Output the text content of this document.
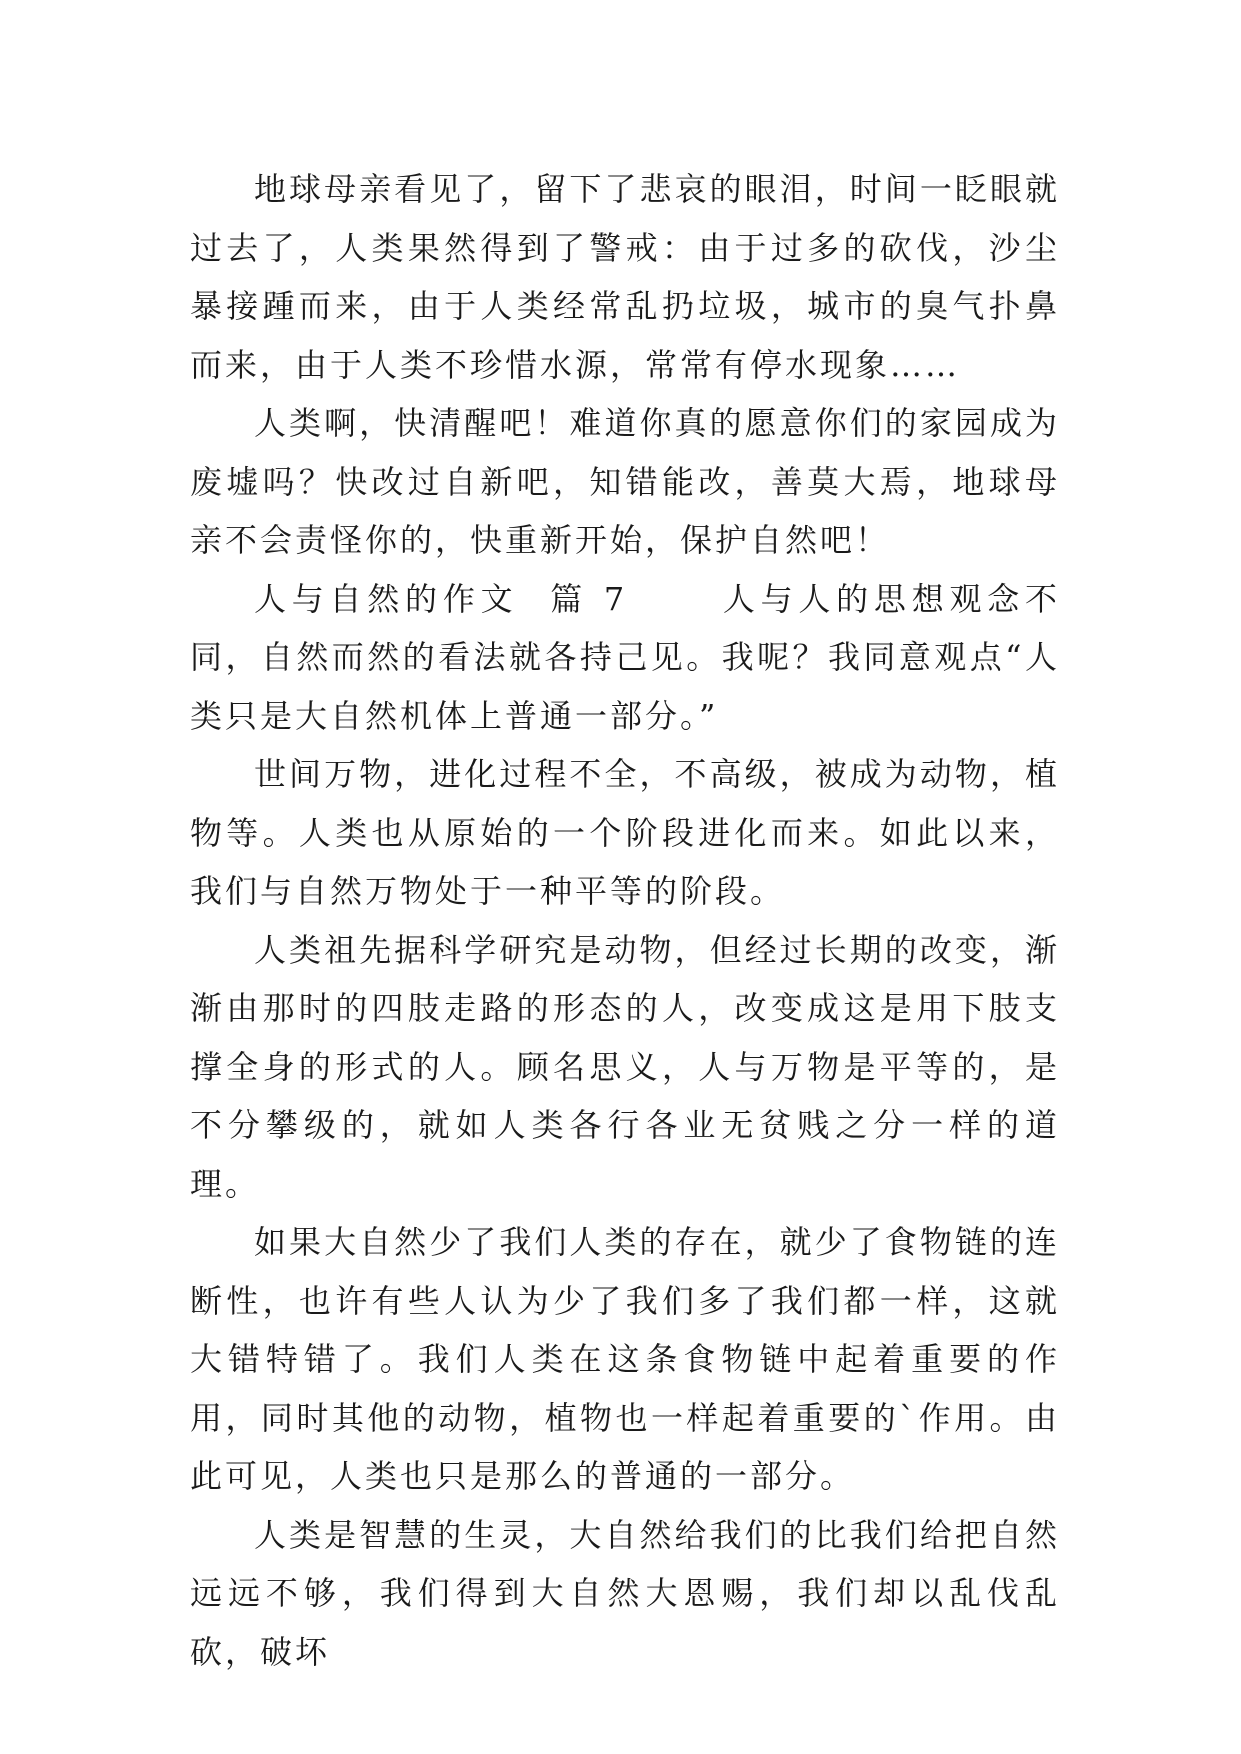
地球母亲看见了，留下了悲哀的眼泪，时间一眨眼就过去了，人类果然得到了警戒：由于过多的砍伐，沙尘暴接踵而来，由于人类经常乱扔垃圾，城市的臭气扑鼻而来，由于人类不珍惜水源，常常有停水现象……

人类啊，快清醒吧！难道你真的愿意你们的家园成为废墟吗？快改过自新吧，知错能改，善莫大焉，地球母亲不会责怪你的，快重新开始，保护自然吧！

人与自然的作文  篇 7	人与人的思想观念不同，自然而然的看法就各持己见。我呢？我同意观点“人类只是大自然机体上普通一部分。”

世间万物，进化过程不全，不高级，被成为动物，植物等。人类也从原始的一个阶段进化而来。如此以来，我们与自然万物处于一种平等的阶段。

人类祖先据科学研究是动物，但经过长期的改变，渐渐由那时的四肢走路的形态的人，改变成这是用下肢支撑全身的形式的人。顾名思义，人与万物是平等的，是不分攀级的，就如人类各行各业无贫贱之分一样的道理。

如果大自然少了我们人类的存在，就少了食物链的连断性，也许有些人认为少了我们多了我们都一样，这就大错特错了。我们人类在这条食物链中起着重要的作用，同时其他的动物，植物也一样起着重要的`作用。由此可见，人类也只是那么的普通的一部分。

人类是智慧的生灵，大自然给我们的比我们给把自然远远不够，我们得到大自然大恩赐，我们却以乱伐乱砍，破坏
